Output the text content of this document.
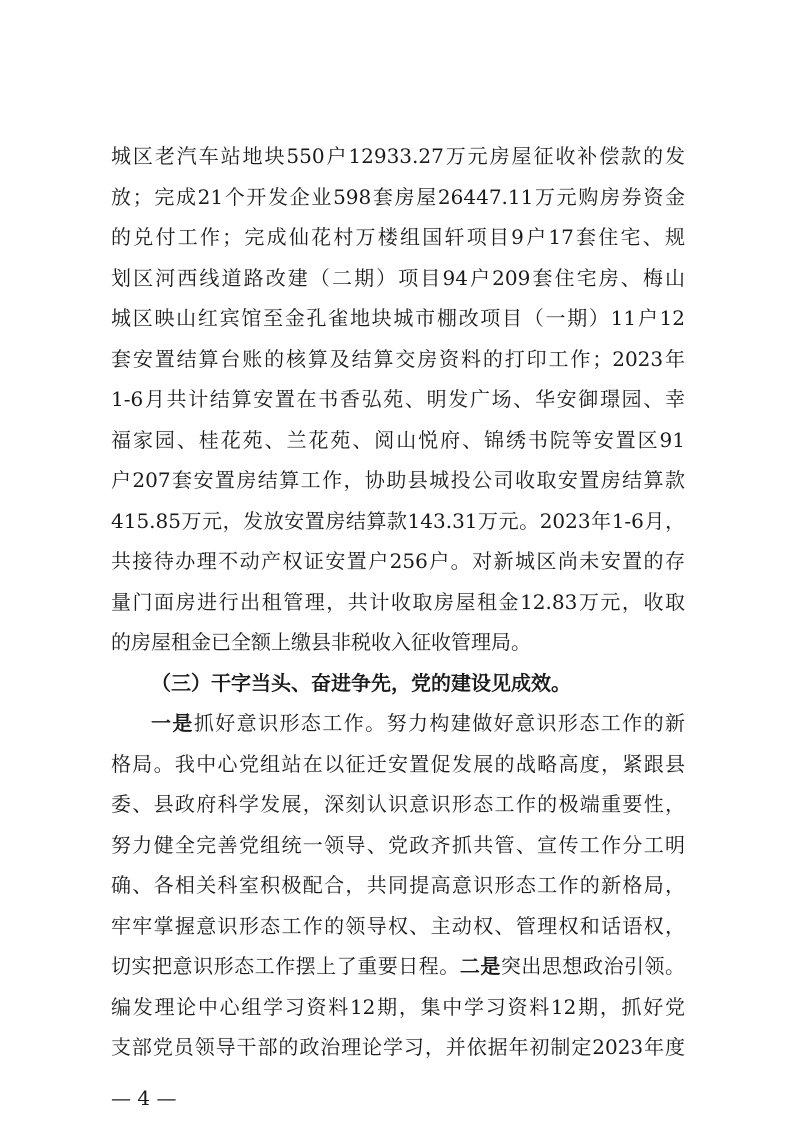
城区老汽车站地块550户12933.27万元房屋征收补偿款的发
放；完成21个开发企业598套房屋26447.11万元购房券资金
的兑付工作；完成仙花村万楼组国轩项目9户17套住宅、规
划区河西线道路改建（二期）项目94户209套住宅房、梅山
城区映山红宾馆至金孔雀地块城市棚改项目（一期）11户12
套安置结算台账的核算及结算交房资料的打印工作；2023年
1-6月共计结算安置在书香弘苑、明发广场、华安御璟园、幸
福家园、桂花苑、兰花苑、阅山悦府、锦绣书院等安置区91
户207套安置房结算工作，协助县城投公司收取安置房结算款
415.85万元，发放安置房结算款143.31万元。2023年1-6月，
共接待办理不动产权证安置户256户。对新城区尚未安置的存
量门面房进行出租管理，共计收取房屋租金12.83万元，收取
的房屋租金已全额上缴县非税收入征收管理局。
（三）干字当头、奋进争先，党的建设见成效。
一是抓好意识形态工作。努力构建做好意识形态工作的新
格局。我中心党组站在以征迁安置促发展的战略高度，紧跟县
委、县政府科学发展，深刻认识意识形态工作的极端重要性，
努力健全完善党组统一领导、党政齐抓共管、宣传工作分工明
确、各相关科室积极配合，共同提高意识形态工作的新格局，
牢牢掌握意识形态工作的领导权、主动权、管理权和话语权，
切实把意识形态工作摆上了重要日程。二是突出思想政治引领。
编发理论中心组学习资料12期，集中学习资料12期，抓好党
支部党员领导干部的政治理论学习，并依据年初制定2023年度
— 4 —
